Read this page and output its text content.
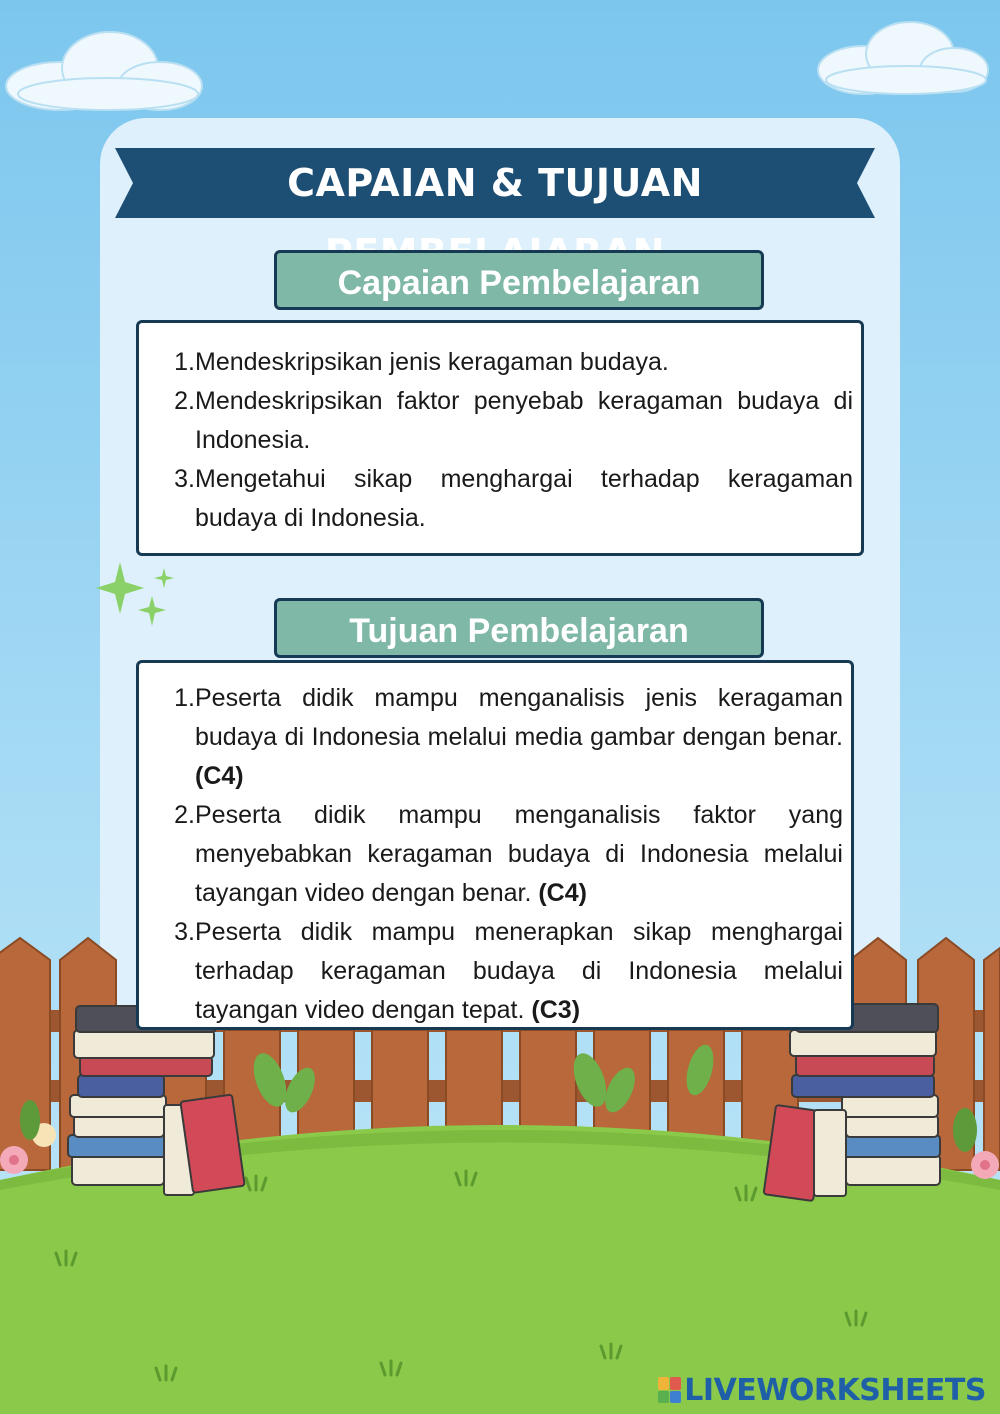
CAPAIAN & TUJUAN
Capaian Pembelajaran
1. Mendeskripsikan jenis keragaman budaya.
2. Mendeskripsikan faktor penyebab keragaman budaya di Indonesia.
3. Mengetahui sikap menghargai terhadap keragaman budaya di Indonesia.
Tujuan Pembelajaran
1. Peserta didik mampu menganalisis jenis keragaman budaya di Indonesia melalui media gambar dengan benar. (C4)
2. Peserta didik mampu menganalisis faktor yang menyebabkan keragaman budaya di Indonesia melalui tayangan video dengan benar. (C4)
3. Peserta didik mampu menerapkan sikap menghargai terhadap keragaman budaya di Indonesia melalui tayangan video dengan tepat. (C3)
LIVEWORKSHEETS
